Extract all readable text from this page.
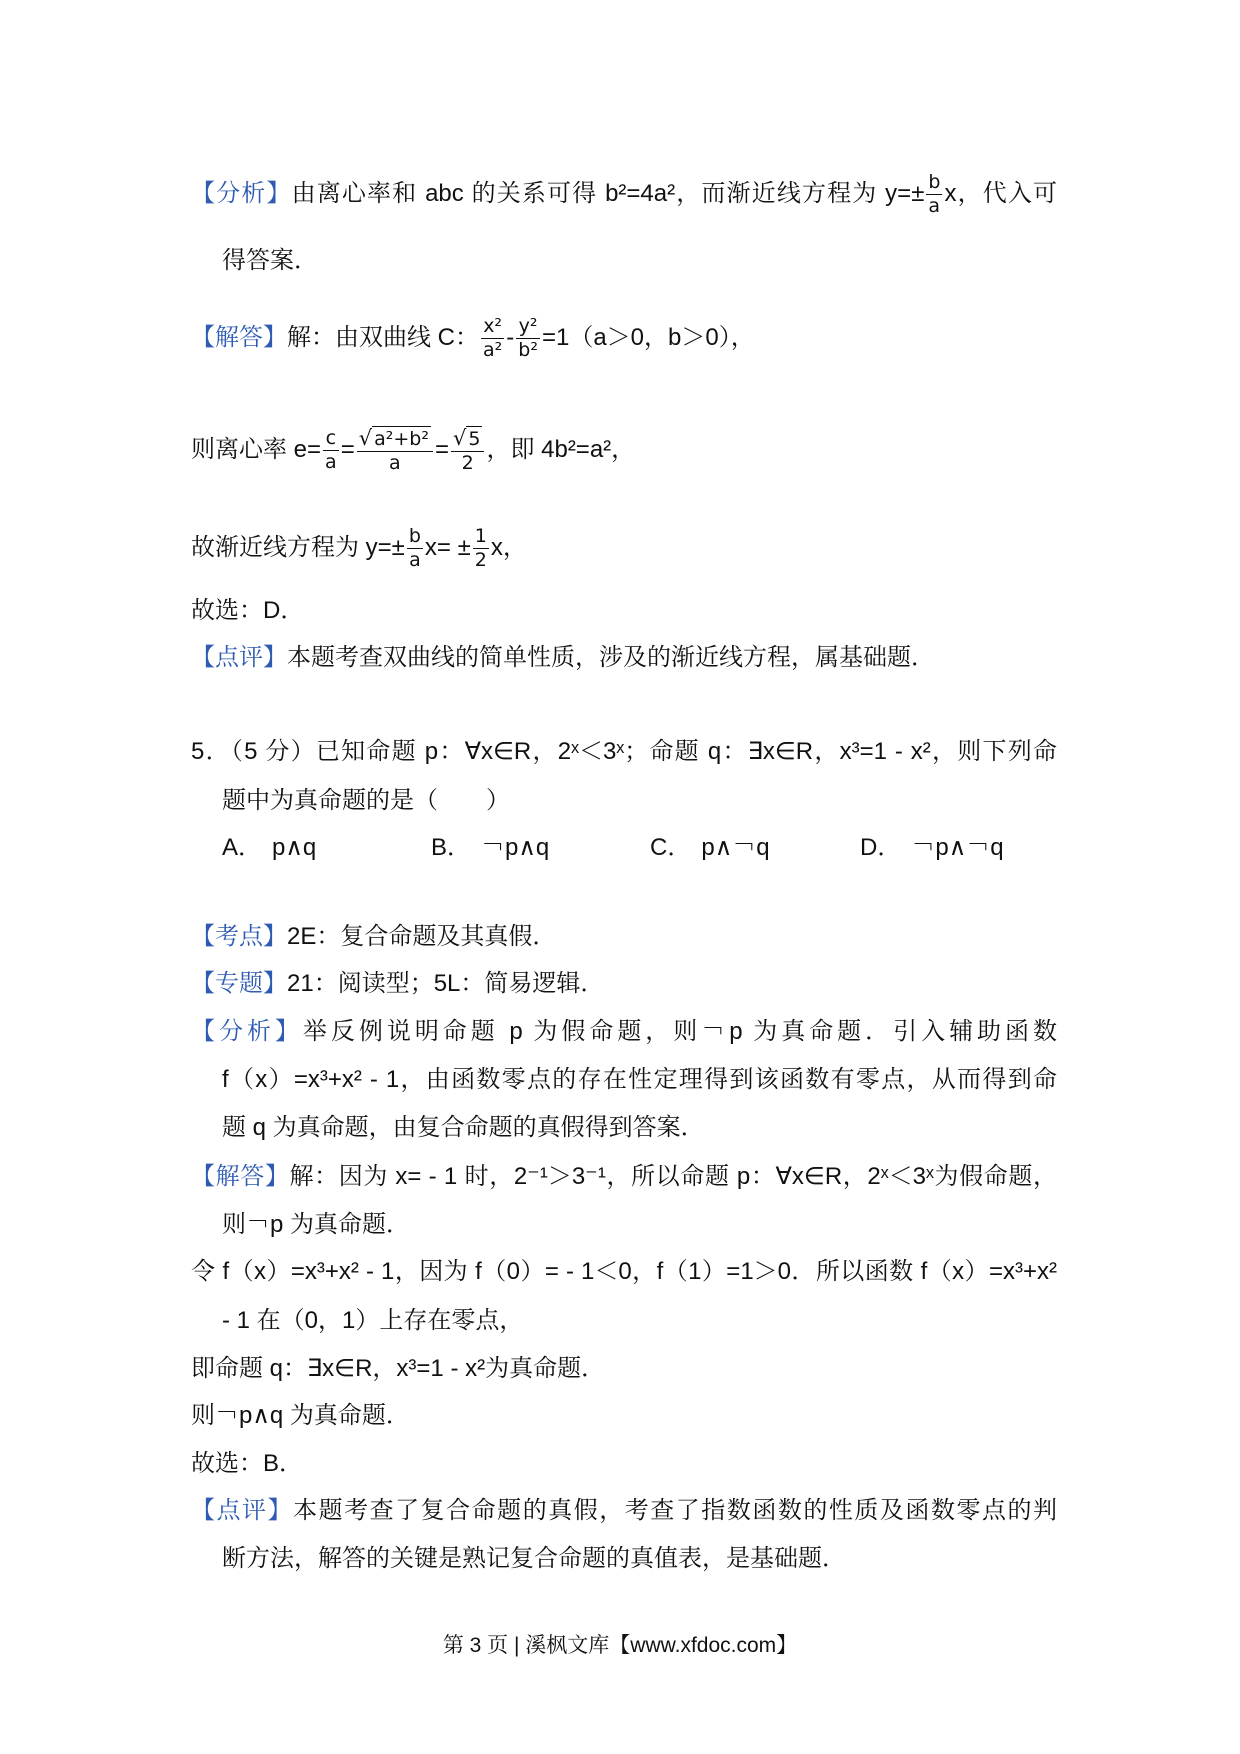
【分析】由离心率和 abc 的关系可得 b²=4a²，而渐近线方程为 $y=\pm \frac{b}{a}$ x，代入可
得答案．
【解答】解：由双曲线 C： $\frac{\text{x²}}{\text{a²}} - \frac{\text{y²}}{\text{b²}} =1(a>0$，b＞0），
则离心率 $e= \frac{c}{a} = \frac{\text{√ a²+b²}}{a} = \frac{√ 5}{2}$ ，即 4b²=a²，
故渐近线方程为 $y=\pm \frac{b}{a} x= \pm \frac{1}{2}$ x，
故选：D．
【点评】本题考查双曲线的简单性质，涉及的渐近线方程，属基础题．
5．（5 分）已知命题 p：∀x∈R，2ˣ＜3ˣ；命题 q：∃x∈R，x³=1 - x²，则下列命
题中为真命题的是（　　）
A． p∧q	B． ￢p∧q	C． p∧￢q	D． ￢p∧￢q
【考点】2E：复合命题及其真假．
【专题】21：阅读型；5L：简易逻辑．
【分析】举反例说明命题 p 为假命题，则￢p 为真命题．引入辅助函数
f（x）=x³+x² - 1，由函数零点的存在性定理得到该函数有零点，从而得到命
题 q 为真命题，由复合命题的真假得到答案．
【解答】解：因为 x= - 1 时，2⁻¹＞3⁻¹，所以命题 p：∀x∈R，2ˣ＜3ˣ为假命题，
则￢p 为真命题．
令 f（x）=x³+x² - 1，因为 f（0）= - 1＜0，f（1）=1＞0．所以函数 f（x）=x³+x²
- 1 在（0，1）上存在零点，
即命题 q：∃x∈R，x³=1 - x²为真命题．
则￢p∧q 为真命题．
故选：B．
【点评】本题考查了复合命题的真假，考查了指数函数的性质及函数零点的判
断方法，解答的关键是熟记复合命题的真值表，是基础题．
第 3 页 | 溪枫文库【www.xfdoc.com】
